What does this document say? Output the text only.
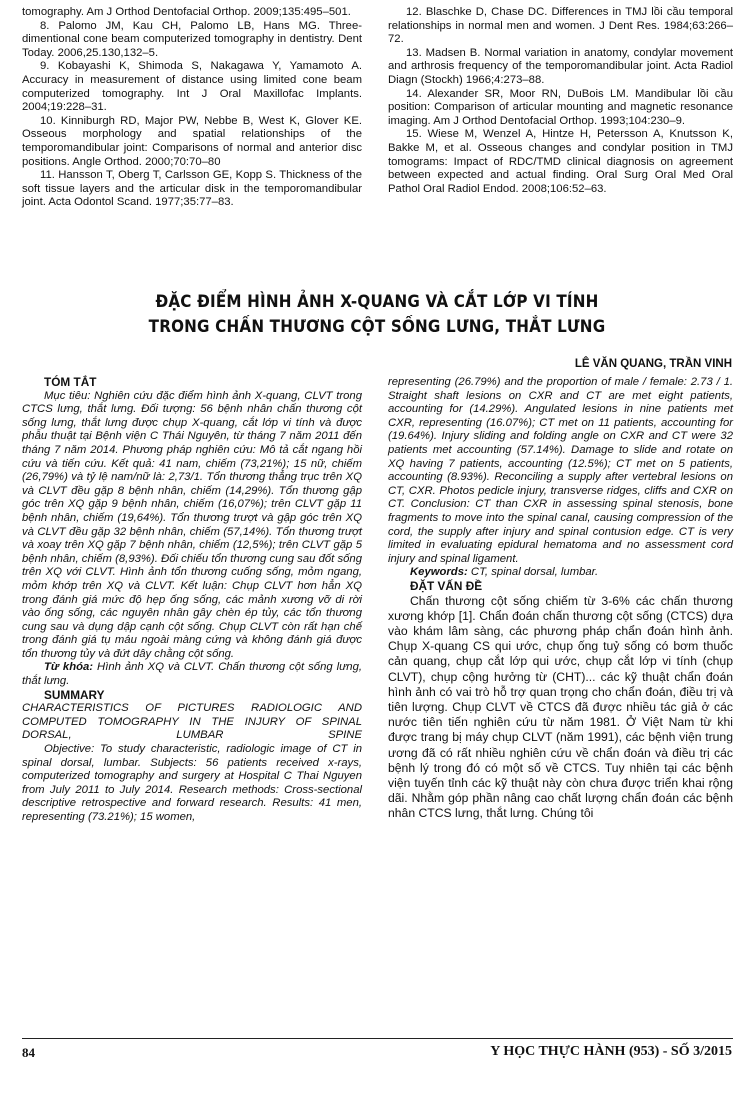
tomography. Am J Orthod Dentofacial Orthop. 2009;135:495–501.

8. Palomo JM, Kau CH, Palomo LB, Hans MG. Three-dimentional cone beam computerized tomography in dentistry. Dent Today. 2006,25.130,132–5.

9. Kobayashi K, Shimoda S, Nakagawa Y, Yamamoto A. Accuracy in measurement of distance using limited cone beam computerized tomography. Int J Oral Maxillofac Implants. 2004;19:228–31.

10. Kinniburgh RD, Major PW, Nebbe B, West K, Glover KE. Osseous morphology and spatial relationships of the temporomandibular joint: Comparisons of normal and anterior disc positions. Angle Orthod. 2000;70:70–80

11. Hansson T, Oberg T, Carlsson GE, Kopp S. Thickness of the soft tissue layers and the articular disk in the temporomandibular joint. Acta Odontol Scand. 1977;35:77–83.

12. Blaschke D, Chase DC. Differences in TMJ lồi cầu temporal relationships in normal men and women. J Dent Res. 1984;63:266–72.

13. Madsen B. Normal variation in anatomy, condylar movement and arthrosis frequency of the temporomandibular joint. Acta Radiol Diagn (Stockh) 1966;4:273–88.

14. Alexander SR, Moor RN, DuBois LM. Mandibular lồi cầu position: Comparison of articular mounting and magnetic resonance imaging. Am J Orthod Dentofacial Orthop. 1993;104:230–9.

15. Wiese M, Wenzel A, Hintze H, Petersson A, Knutsson K, Bakke M, et al. Osseous changes and condylar position in TMJ tomograms: Impact of RDC/TMD clinical diagnosis on agreement between expected and actual finding. Oral Surg Oral Med Oral Pathol Oral Radiol Endod. 2008;106:52–63.

ĐẶC ĐIỂM HÌNH ẢNH X-QUANG VÀ CẮT LỚP VI TÍNH
TRONG CHẤN THƯƠNG CỘT SỐNG LƯNG, THẮT LƯNG
LÊ VĂN QUANG, TRẦN VINH

TÓM TẮT

Mục tiêu: Nghiên cứu đặc điểm hình ảnh X-quang, CLVT trong CTCS lưng, thắt lưng. Đối tượng: 56 bệnh nhân chấn thương cột sống lưng, thắt lưng được chụp X-quang, cắt lớp vi tính và được phẫu thuật tại Bệnh viện C Thái Nguyên, từ tháng 7 năm 2011 đến tháng 7 năm 2014. Phương pháp nghiên cứu: Mô tả cắt ngang hồi cứu và tiến cứu. Kết quả: 41 nam, chiếm (73,21%); 15 nữ, chiếm (26,79%) và tỷ lệ nam/nữ là: 2,73/1. Tổn thương thẳng trục trên XQ và CLVT đều gặp 8 bệnh nhân, chiếm (14,29%). Tổn thương gập góc trên XQ gặp 9 bệnh nhân, chiếm (16,07%); trên CLVT gặp 11 bệnh nhân, chiếm (19,64%). Tổn thương trượt và gập góc trên XQ và CLVT đều gặp 32 bệnh nhân, chiếm (57,14%). Tổn thương trượt và xoay trên XQ gặp 7 bệnh nhân, chiếm (12,5%); trên CLVT gặp 5 bệnh nhân, chiếm (8,93%). Đối chiếu tổn thương cung sau đốt sống trên XQ với CLVT. Hình ảnh tổn thương cuống sống, mỏm ngang, mỏm khớp trên XQ và CLVT. Kết luận: Chụp CLVT hơn hẳn XQ trong đánh giá mức độ hẹp ống sống, các mảnh xương vỡ di rời vào ống sống, các nguyên nhân gây chèn ép tủy, các tổn thương cung sau và dụng dập cạnh cột sống. Chụp CLVT còn rất hạn chế trong đánh giá tụ máu ngoài màng cứng và không đánh giá được tổn thương tủy và đứt dây chằng cột sống.

Từ khóa: Hình ảnh XQ và CLVT. Chấn thương cột sống lưng, thắt lưng.

SUMMARY

CHARACTERISTICS OF PICTURES RADIOLOGIC AND COMPUTED TOMOGRAPHY IN THE INJURY OF SPINAL DORSAL, LUMBAR SPINE

Objective: To study characteristic, radiologic image of CT in spinal dorsal, lumbar. Subjects: 56 patients received x-rays, computerized tomography and surgery at Hospital C Thai Nguyen from July 2011 to July 2014. Research methods: Cross-sectional descriptive retrospective and forward research. Results: 41 men, representing (73.21%); 15 women,

representing (26.79%) and the proportion of male / female: 2.73 / 1. Straight shaft lesions on CXR and CT are met eight patients, accounting for (14.29%). Angulated lesions in nine patients met CXR, representing (16.07%); CT met on 11 patients, accounting for (19.64%). Injury sliding and folding angle on CXR and CT were 32 patients met accounting (57.14%). Damage to slide and rotate on XQ having 7 patients, accounting (12.5%); CT met on 5 patients, accounting (8.93%). Reconciling a supply after vertebral lesions on CT, CXR. Photos pedicle injury, transverse ridges, cliffs and CXR on CT. Conclusion: CT than CXR in assessing spinal stenosis, bone fragments to move into the spinal canal, causing compression of the cord, the supply after injury and spinal contusion edge. CT is very limited in evaluating epidural hematoma and no assessment cord injury and spinal ligament.

Keywords: CT, spinal dorsal, lumbar.

ĐẶT VẤN ĐỀ

Chấn thương cột sống chiếm từ 3-6% các chấn thương xương khớp [1]. Chẩn đoán chấn thương cột sống (CTCS) dựa vào khám lâm sàng, các phương pháp chẩn đoán hình ảnh. Chụp X-quang CS qui ước, chụp ống tuỷ sống có bơm thuốc cản quang, chụp cắt lớp qui ước, chụp cắt lớp vi tính (chụp CLVT), chụp cộng hưởng từ (CHT)... các kỹ thuật chẩn đoán hình ảnh có vai trò hỗ trợ quan trọng cho chẩn đoán, điều trị và tiên lượng. Chụp CLVT về CTCS đã được nhiều tác giả ở các nước tiên tiến nghiên cứu từ năm 1981. Ở Việt Nam từ khi được trang bị máy chụp CLVT (năm 1991), các bệnh viện trung ương đã có rất nhiều nghiên cứu về chẩn đoán và điều trị các bệnh lý trong đó có một số về CTCS. Tuy nhiên tại các bệnh viện tuyến tỉnh các kỹ thuật này còn chưa được triển khai rộng dãi. Nhằm góp phần nâng cao chất lượng chẩn đoán các bệnh nhân CTCS lưng, thắt lưng. Chúng tôi

84	Y HỌC THỰC HÀNH (953) - SỐ 3/2015
